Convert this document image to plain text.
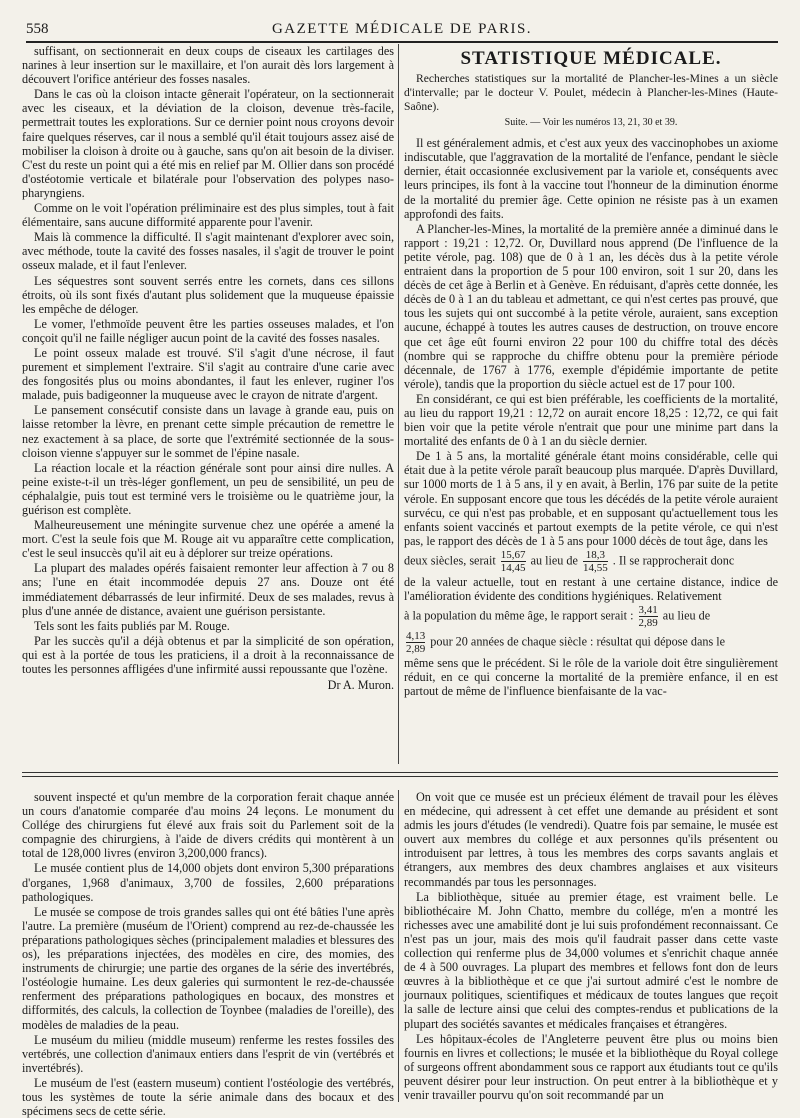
558	GAZETTE MÉDICALE DE PARIS.

suffisant, on sectionnerait en deux coups de ciseaux les cartilages des narines à leur insertion sur le maxillaire, et l'on aurait dès lors largement à découvert l'orifice antérieur des fosses nasales.

Dans le cas où la cloison intacte gênerait l'opérateur, on la sectionnerait avec les ciseaux, et la déviation de la cloison, devenue très-facile, permettrait toutes les explorations. Sur ce dernier point nous croyons devoir faire quelques réserves, car il nous a semblé qu'il était toujours assez aisé de mobiliser la cloison à droite ou à gauche, sans qu'on ait besoin de la diviser. C'est du reste un point qui a été mis en relief par M. Ollier dans son procédé d'ostéotomie verticale et bilatérale pour l'observation des polypes naso-pharyngiens.

Comme on le voit l'opération préliminaire est des plus simples, tout à fait élémentaire, sans aucune difformité apparente pour l'avenir.

Mais là commence la difficulté. Il s'agit maintenant d'explorer avec soin, avec méthode, toute la cavité des fosses nasales, il s'agit de trouver le point osseux malade, et il faut l'enlever.

Les séquestres sont souvent serrés entre les cornets, dans ces sillons étroits, où ils sont fixés d'autant plus solidement que la muqueuse épaissie les empêche de déloger.

Le vomer, l'ethmoïde peuvent être les parties osseuses malades, et l'on conçoit qu'il ne faille négliger aucun point de la cavité des fosses nasales.

Le point osseux malade est trouvé. S'il s'agit d'une nécrose, il faut purement et simplement l'extraire. S'il s'agit au contraire d'une carie avec des fongosités plus ou moins abondantes, il faut les enlever, ruginer l'os malade, puis badigeonner la muqueuse avec le crayon de nitrate d'argent.

Le pansement consécutif consiste dans un lavage à grande eau, puis on laisse retomber la lèvre, en prenant cette simple précaution de remettre le nez exactement à sa place, de sorte que l'extrémité sectionnée de la sous-cloison vienne s'appuyer sur le sommet de l'épine nasale.

La réaction locale et la réaction générale sont pour ainsi dire nulles. A peine existe-t-il un très-léger gonflement, un peu de sensibilité, un peu de céphalalgie, puis tout est terminé vers le troisième ou le quatrième jour, la guérison est complète.

Malheureusement une méningite survenue chez une opérée a amené la mort. C'est la seule fois que M. Rouge ait vu apparaître cette complication, c'est le seul insuccès qu'il ait eu à déplorer sur treize opérations.

La plupart des malades opérés faisaient remonter leur affection à 7 ou 8 ans; l'une en était incommodée depuis 27 ans. Douze ont été immédiatement débarrassés de leur infirmité. Deux de ses malades, revus à plus d'une année de distance, avaient une guérison persistante.

Tels sont les faits publiés par M. Rouge.

Par les succès qu'il a déjà obtenus et par la simplicité de son opération, qui est à la portée de tous les praticiens, il a droit à la reconnaissance de toutes les personnes affligées d'une infirmité aussi repoussante que l'ozène.

Dr A. Muron.
STATISTIQUE MÉDICALE.

Recherches statistiques sur la mortalité de Plancher-les-Mines a un siècle d'intervalle; par le docteur V. Poulet, médecin à Plancher-les-Mines (Haute-Saône).

Suite. — Voir les numéros 13, 21, 30 et 39.

Il est généralement admis, et c'est aux yeux des vaccinophobes un axiome indiscutable, que l'aggravation de la mortalité de l'enfance, pendant le siècle dernier, était occasionnée exclusivement par la variole et, conséquents avec leurs principes, ils font à la vaccine tout l'honneur de la diminution énorme de la mortalité du premier âge. Cette opinion ne résiste pas à un examen approfondi des faits.

A Plancher-les-Mines, la mortalité de la première année a diminué dans le rapport : 19,21 : 12,72. Or, Duvillard nous apprend (De l'influence de la petite vérole, pag. 108) que de 0 à 1 an, les décès dus à la petite vérole entraient dans la proportion de 5 pour 100 environ, soit 1 sur 20, dans les décès de cet âge à Berlin et à Genève. En réduisant, d'après cette donnée, les décès de 0 à 1 an du tableau et admettant, ce qui n'est certes pas prouvé, que tous les sujets qui ont succombé à la petite vérole, auraient, sans exception aucune, échappé à toutes les autres causes de destruction, on trouve encore que cet âge eût fourni environ 22 pour 100 du chiffre total des décès (nombre qui se rapproche du chiffre obtenu pour la première période décennale, de 1767 à 1776, exemple d'épidémie importante de petite vérole), tandis que la proportion du siècle actuel est de 17 pour 100.

En considérant, ce qui est bien préférable, les coefficients de la mortalité, au lieu du rapport 19,21 : 12,72 on aurait encore 18,25 : 12,72, ce qui fait bien voir que la petite vérole n'entrait que pour une minime part dans la mortalité des enfants de 0 à 1 an du siècle dernier.

De 1 à 5 ans, la mortalité générale étant moins considérable, celle qui était due à la petite vérole paraît beaucoup plus marquée. D'après Duvillard, sur 1000 morts de 1 à 5 ans, il y en avait, à Berlin, 176 par suite de la petite vérole. En supposant encore que tous les décédés de la petite vérole auraient survécu, ce qui n'est pas probable, et en supposant qu'actuellement tous les enfants soient vaccinés et partout exempts de la petite vérole, ce qui n'est pas, le rapport des décès de 1 à 5 ans pour 1000 décès de tout âge, dans les

deux siècles, serait $\frac{15,67}{14,45}$ au lieu de $\frac{18,3}{14,55}$ . Il se rapprocherait donc

de la valeur actuelle, tout en restant à une certaine distance, indice de l'amélioration évidente des conditions hygiéniques. Relativement

à la population du même âge, le rapport serait : $\frac{3,41}{2,89}$ au lieu de

$\frac{4,13}{2,89}$ pour 20 années de chaque siècle : résultat qui dépose dans le

même sens que le précédent. Si le rôle de la variole doit être singulièrement réduit, en ce qui concerne la mortalité de la première enfance, il en est partout de même de l'influence bienfaisante de la vac-

souvent inspecté et qu'un membre de la corporation ferait chaque année un cours d'anatomie comparée d'au moins 24 leçons. Le monument du Collége des chirurgiens fut élevé aux frais soit du Parlement soit de la compagnie des chirurgiens, à l'aide de divers crédits qui montèrent à un total de 128,000 livres (environ 3,200,000 francs).

Le musée contient plus de 14,000 objets dont environ 5,300 préparations d'organes, 1,968 d'animaux, 3,700 de fossiles, 2,600 préparations pathologiques.

Le musée se compose de trois grandes salles qui ont été bâties l'une après l'autre. La première (muséum de l'Orient) comprend au rez-de-chaussée les préparations pathologiques sèches (principalement maladies et blessures des os), les préparations injectées, des modèles en cire, des momies, des instruments de chirurgie; une partie des organes de la série des invertébrés, l'ostéologie humaine. Les deux galeries qui surmontent le rez-de-chaussée renferment des préparations pathologiques en bocaux, des monstres et difformités, des calculs, la collection de Toynbee (maladies de l'oreille), des modèles de maladies de la peau.

Le muséum du milieu (middle museum) renferme les restes fossiles des vertébrés, une collection d'animaux entiers dans l'esprit de vin (vertébrés et invertébrés).

Le muséum de l'est (eastern museum) contient l'ostéologie des vertébrés, tous les systèmes de toute la série animale dans des bocaux et des spécimens secs de cette série.

On voit que ce musée est un précieux élément de travail pour les élèves en médecine, qui adressent à cet effet une demande au président et sont admis les jours d'études (le vendredi). Quatre fois par semaine, le musée est ouvert aux membres du collége et aux personnes qu'ils présentent ou introduisent par lettres, à tous les membres des corps savants anglais et étrangers, aux membres des deux chambres anglaises et aux visiteurs recommandés par tous les personnages.

La bibliothèque, située au premier étage, est vraiment belle. Le bibliothécaire M. John Chatto, membre du collége, m'en a montré les richesses avec une amabilité dont je lui suis profondément reconnaissant. Ce n'est pas un jour, mais des mois qu'il faudrait passer dans cette vaste collection qui renferme plus de 34,000 volumes et s'enrichit chaque année de 4 à 500 ouvrages. La plupart des membres et fellows font don de leurs œuvres à la bibliothèque et ce que j'ai surtout admiré c'est le nombre de journaux politiques, scientifiques et médicaux de toutes langues que reçoit la salle de lecture ainsi que celui des comptes-rendus et publications de la plupart des sociétés savantes et médicales françaises et étrangères.

Les hôpitaux-écoles de l'Angleterre peuvent être plus ou moins bien fournis en livres et collections; le musée et la bibliothèque du Royal college of surgeons offrent abondamment sous ce rapport aux étudiants tout ce qu'ils peuvent désirer pour leur instruction. On peut entrer à la bibliothèque et y venir travailler pourvu qu'on soit recommandé par un
